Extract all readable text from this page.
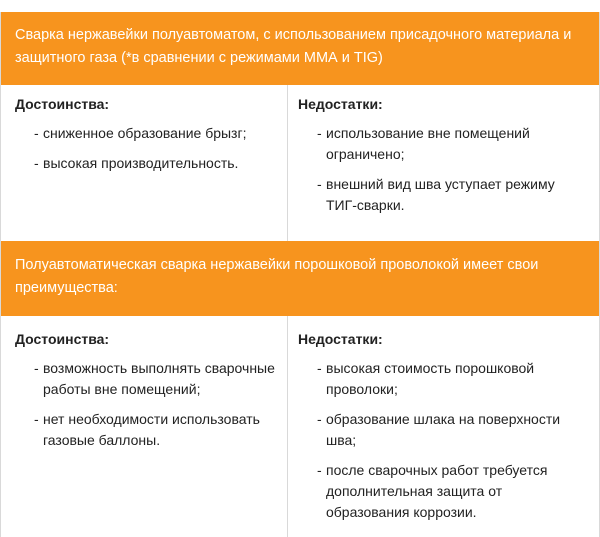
Сварка нержавейки полуавтоматом, с использованием присадочного материала и защитного газа (*в сравнении с режимами ММА и TIG)
Достоинства:
- сниженное образование брызг;
- высокая производительность.
Недостатки:
- использование вне помещений ограничено;
- внешний вид шва уступает режиму ТИГ-сварки.
Полуавтоматическая сварка нержавейки порошковой проволокой имеет свои преимущества:
Достоинства:
- возможность выполнять сварочные работы вне помещений;
- нет необходимости использовать газовые баллоны.
Недостатки:
- высокая стоимость порошковой проволоки;
- образование шлака на поверхности шва;
- после сварочных работ требуется дополнительная защита от образования коррозии.
